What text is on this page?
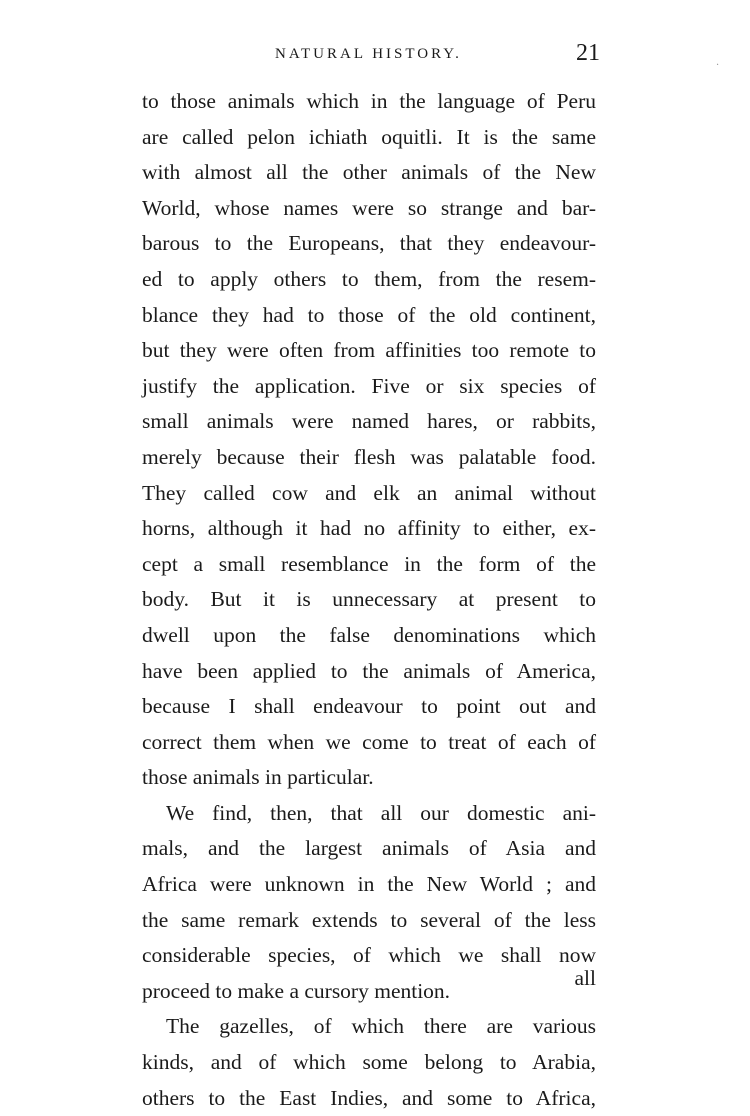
NATURAL HISTORY.	21
to those animals which in the language of Peru
are called pelon ichiath oquitli. It is the same
with almost all the other animals of the New
World, whose names were so strange and bar-
barous to the Europeans, that they endeavour-
ed to apply others to them, from the resem-
blance they had to those of the old continent,
but they were often from affinities too remote to
justify the application. Five or six species of
small animals were named hares, or rabbits,
merely because their flesh was palatable food.
They called cow and elk an animal without
horns, although it had no affinity to either, ex-
cept a small resemblance in the form of the
body. But it is unnecessary at present to
dwell upon the false denominations which
have been applied to the animals of America,
because I shall endeavour to point out and
correct them when we come to treat of each of
those animals in particular.
We find, then, that all our domestic ani-
mals, and the largest animals of Asia and
Africa were unknown in the New World ; and
the same remark extends to several of the less
considerable species, of which we shall now
proceed to make a cursory mention.
The gazelles, of which there are various
kinds, and of which some belong to Arabia,
others to the East Indies, and some to Africa,
all
·
